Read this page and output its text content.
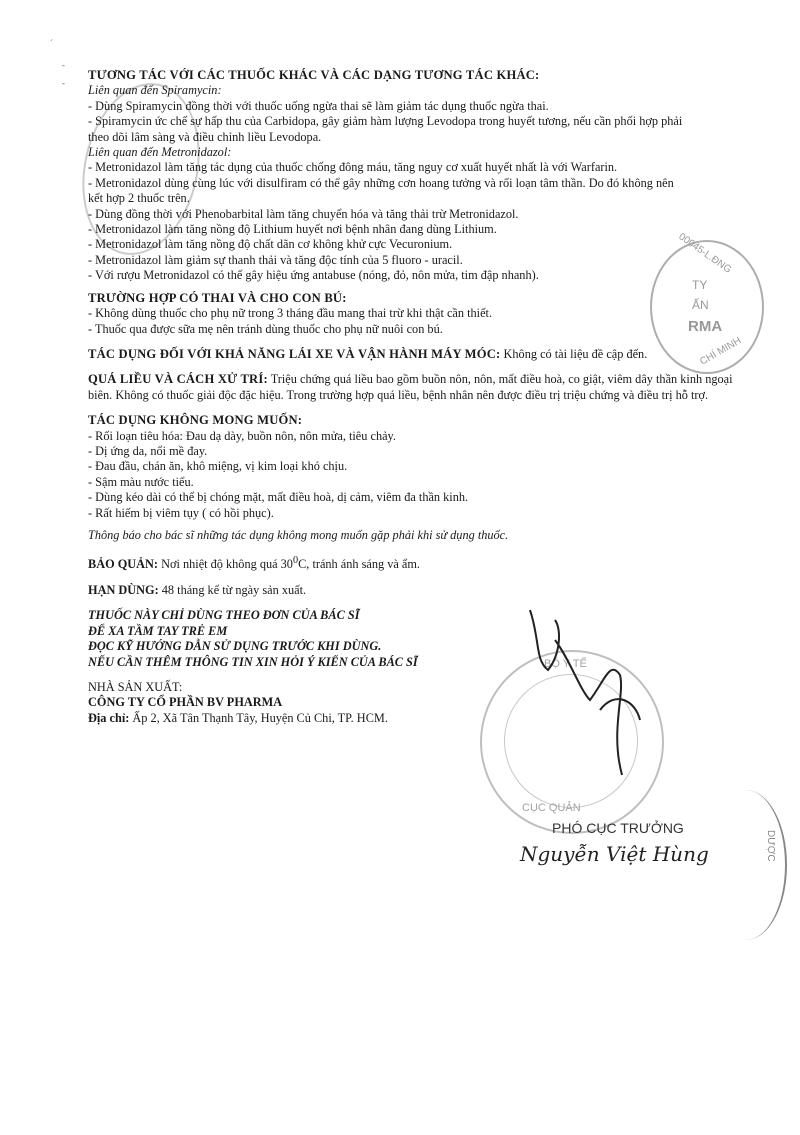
00045-L.ĐNG
TY
ẤN
RMA
CHÍ MINH
BỘ Y TẾ
CỤC QUẢN
DƯỢC
PHÓ CỤC TRƯỞNG
Nguyễn Việt Hùng
´
-
-
TƯƠNG TÁC VỚI CÁC THUỐC KHÁC VÀ CÁC DẠNG TƯƠNG TÁC KHÁC:
Liên quan đến Spiramycin:
- Dùng Spiramycin đồng thời với thuốc uống ngừa thai sẽ làm giảm tác dụng thuốc ngừa thai.
- Spiramycin ức chế sự hấp thu của Carbidopa, gây giảm hàm lượng Levodopa trong huyết tương, nếu cần phối hợp phải
theo dõi lâm sàng và điều chỉnh liều Levodopa.
Liên quan đến Metronidazol:
- Metronidazol làm tăng tác dụng của thuốc chống đông máu, tăng nguy cơ xuất huyết nhất là với Warfarin.
- Metronidazol dùng cùng lúc với disulfiram có thể gây những cơn hoang tưởng và rối loạn tâm thần. Do đó không nên
kết hợp 2 thuốc trên.
- Dùng đồng thời với Phenobarbital làm tăng chuyển hóa và tăng thải trừ Metronidazol.
- Metronidazol làm tăng nồng độ Lithium huyết nơi bệnh nhân đang dùng Lithium.
- Metronidazol làm tăng nồng độ chất dãn cơ không khử cực Vecuronium.
- Metronidazol làm giảm sự thanh thải và tăng độc tính của 5 fluoro - uracil.
- Với rượu Metronidazol có thể gây hiệu ứng antabuse (nóng, đỏ, nôn mửa, tim đập nhanh).
TRƯỜNG HỢP CÓ THAI VÀ CHO CON BÚ:
- Không dùng thuốc cho phụ nữ trong 3 tháng đầu mang thai trừ khi thật cần thiết.
- Thuốc qua được sữa mẹ nên tránh dùng thuốc cho phụ nữ nuôi con bú.
TÁC DỤNG ĐỐI VỚI KHẢ NĂNG LÁI XE VÀ VẬN HÀNH MÁY MÓC: Không có tài liệu đề cập đến.
QUÁ LIỀU VÀ CÁCH XỬ TRÍ: Triệu chứng quá liều bao gồm buồn nôn, nôn, mất điều hoà, co giật, viêm dây thần kinh ngoại biên. Không có thuốc giải độc đặc hiệu. Trong trường hợp quá liều, bệnh nhân nên được điều trị triệu chứng và điều trị hỗ trợ.
TÁC DỤNG KHÔNG MONG MUỐN:
- Rối loạn tiêu hóa: Đau dạ dày, buồn nôn, nôn mửa, tiêu chảy.
- Dị ứng da, nổi mề đay.
- Đau đầu, chán ăn, khô miệng, vị kim loại khó chịu.
- Sậm màu nước tiểu.
- Dùng kéo dài có thể bị chóng mặt, mất điều hoà, dị cảm, viêm đa thần kinh.
- Rất hiếm bị viêm tụy ( có hồi phục).
Thông báo cho bác sĩ những tác dụng không mong muốn gặp phải khi sử dụng thuốc.
BẢO QUẢN: Nơi nhiệt độ không quá $30^0C$, tránh ánh sáng và ẩm.
HẠN DÙNG: 48 tháng kể từ ngày sản xuất.
THUỐC NÀY CHỈ DÙNG THEO ĐƠN CỦA BÁC SĨ
ĐỂ XA TẦM TAY TRẺ EM
ĐỌC KỸ HƯỚNG DẪN SỬ DỤNG TRƯỚC KHI DÙNG.
NẾU CẦN THÊM THÔNG TIN XIN HỎI Ý KIẾN CỦA BÁC SĨ
NHÀ SẢN XUẤT:
CÔNG TY CỔ PHẦN BV PHARMA
Địa chỉ: Ấp 2, Xã Tân Thạnh Tây, Huyện Củ Chi, TP. HCM.
